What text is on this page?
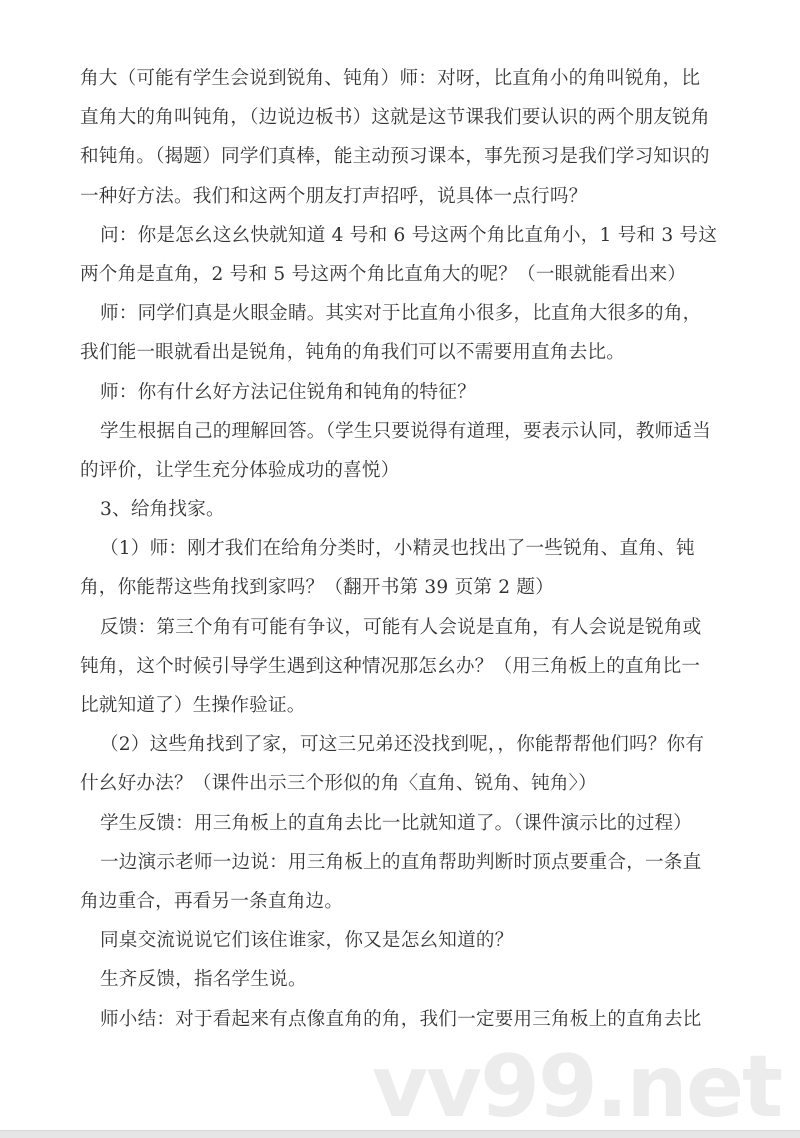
角大（可能有学生会说到锐角、钝角）师：对呀，比直角小的角叫锐角，比
直角大的角叫钝角，（边说边板书）这就是这节课我们要认识的两个朋友锐角
和钝角。（揭题）同学们真棒，能主动预习课本，事先预习是我们学习知识的
一种好方法。我们和这两个朋友打声招呼，说具体一点行吗？
问：你是怎幺这幺快就知道 4 号和 6 号这两个角比直角小，1 号和 3 号这
两个角是直角，2 号和 5 号这两个角比直角大的呢？（一眼就能看出来）
师：同学们真是火眼金睛。其实对于比直角小很多，比直角大很多的角，
我们能一眼就看出是锐角，钝角的角我们可以不需要用直角去比。
师：你有什幺好方法记住锐角和钝角的特征？
学生根据自己的理解回答。（学生只要说得有道理，要表示认同，教师适当
的评价，让学生充分体验成功的喜悦）
3、给角找家。
（1）师：刚才我们在给角分类时，小精灵也找出了一些锐角、直角、钝
角，你能帮这些角找到家吗？（翻开书第 39 页第 2 题）
反馈：第三个角有可能有争议，可能有人会说是直角，有人会说是锐角或
钝角，这个时候引导学生遇到这种情况那怎幺办？（用三角板上的直角比一
比就知道了）生操作验证。
（2）这些角找到了家，可这三兄弟还没找到呢，，你能帮帮他们吗？你有
什幺好办法？（课件出示三个形似的角〈直角、锐角、钝角〉）
学生反馈：用三角板上的直角去比一比就知道了。（课件演示比的过程）
一边演示老师一边说：用三角板上的直角帮助判断时顶点要重合，一条直
角边重合，再看另一条直角边。
同桌交流说说它们该住谁家，你又是怎幺知道的？
生齐反馈，指名学生说。
师小结：对于看起来有点像直角的角，我们一定要用三角板上的直角去比
vv99.net
